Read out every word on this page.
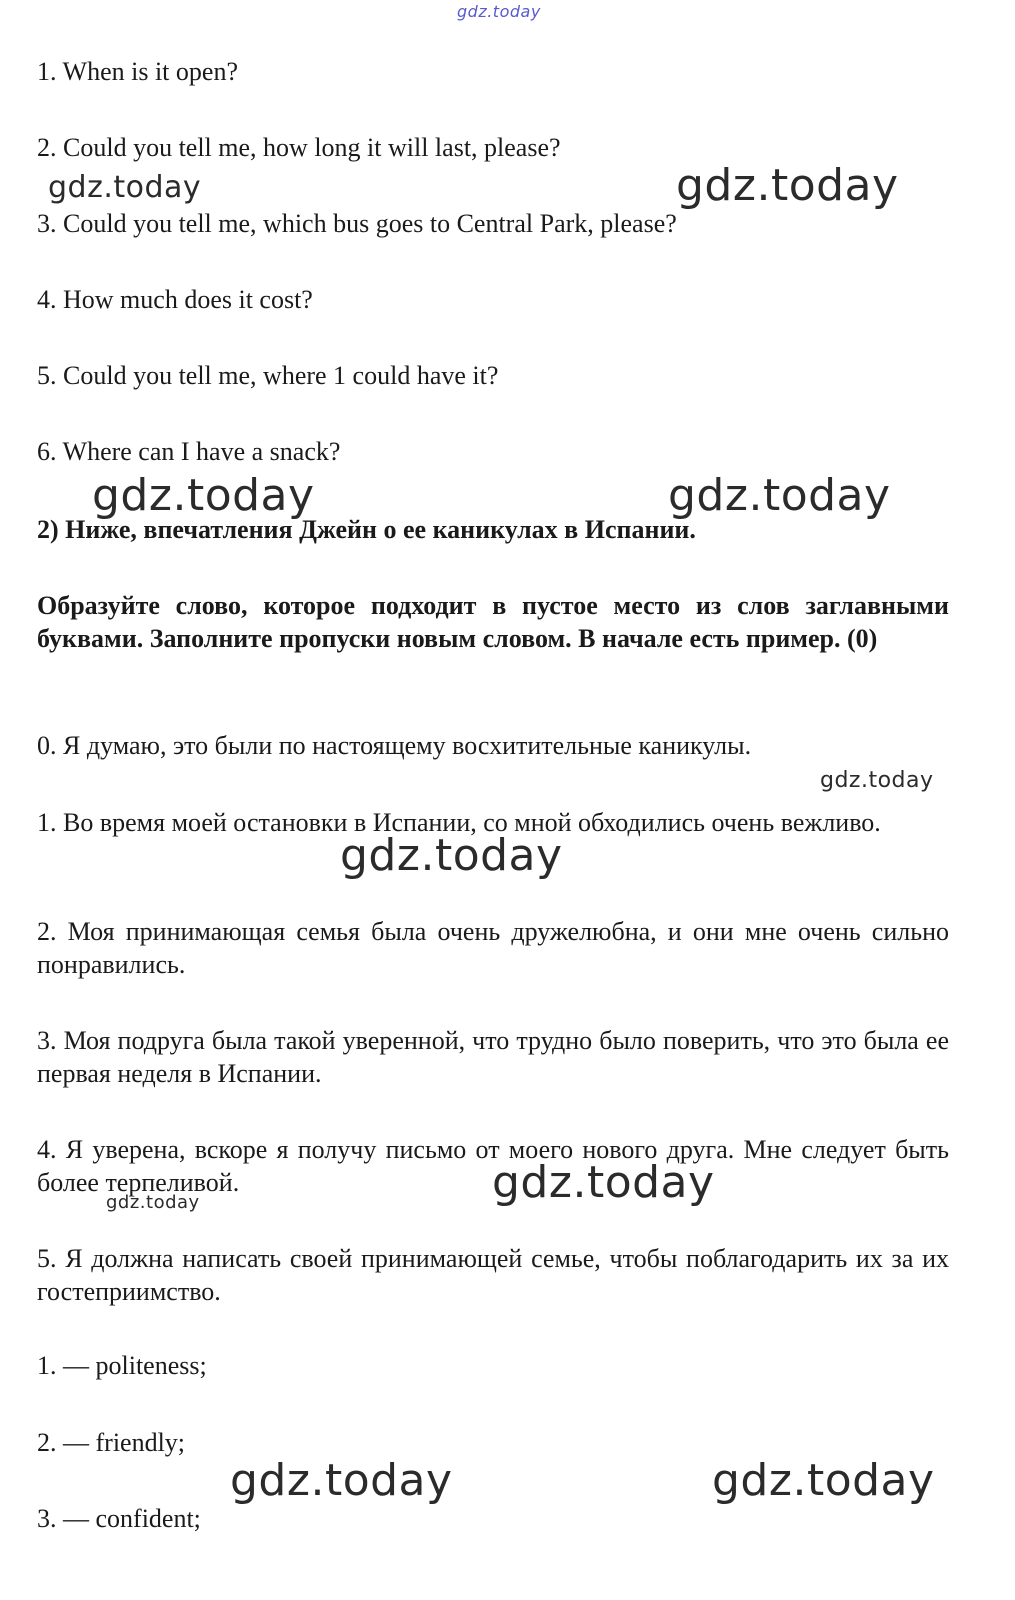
gdz.today
1. When is it open?
2. Could you tell me, how long it will last, please?
3. Could you tell me, which bus goes to Central Park, please?
4. How much does it cost?
5. Could you tell me, where 1 could have it?
6. Where can I have a snack?
2) Ниже, впечатления Джейн о ее каникулах в Испании.
Образуйте слово, которое подходит в пустое место из слов заглавными буквами. Заполните пропуски новым словом. В начале есть пример. (0)
0. Я думаю, это были по настоящему восхитительные каникулы.
1. Во время моей остановки в Испании, со мной обходились очень вежливо.
2. Моя принимающая семья была очень дружелюбна, и они мне очень сильно понравились.
3. Моя подруга была такой уверенной, что трудно было поверить, что это была ее первая неделя в Испании.
4. Я уверена, вскоре я получу письмо от моего нового друга. Мне следует быть более терпеливой.
5. Я должна написать своей принимающей семье, чтобы поблагодарить их за их гостеприимство.
1. — politeness;
2. — friendly;
3. — confident;
gdz.today	gdz.today
gdz.today	gdz.today
gdz.today
gdz.today
gdz.today
gdz.today
gdz.today	gdz.today
